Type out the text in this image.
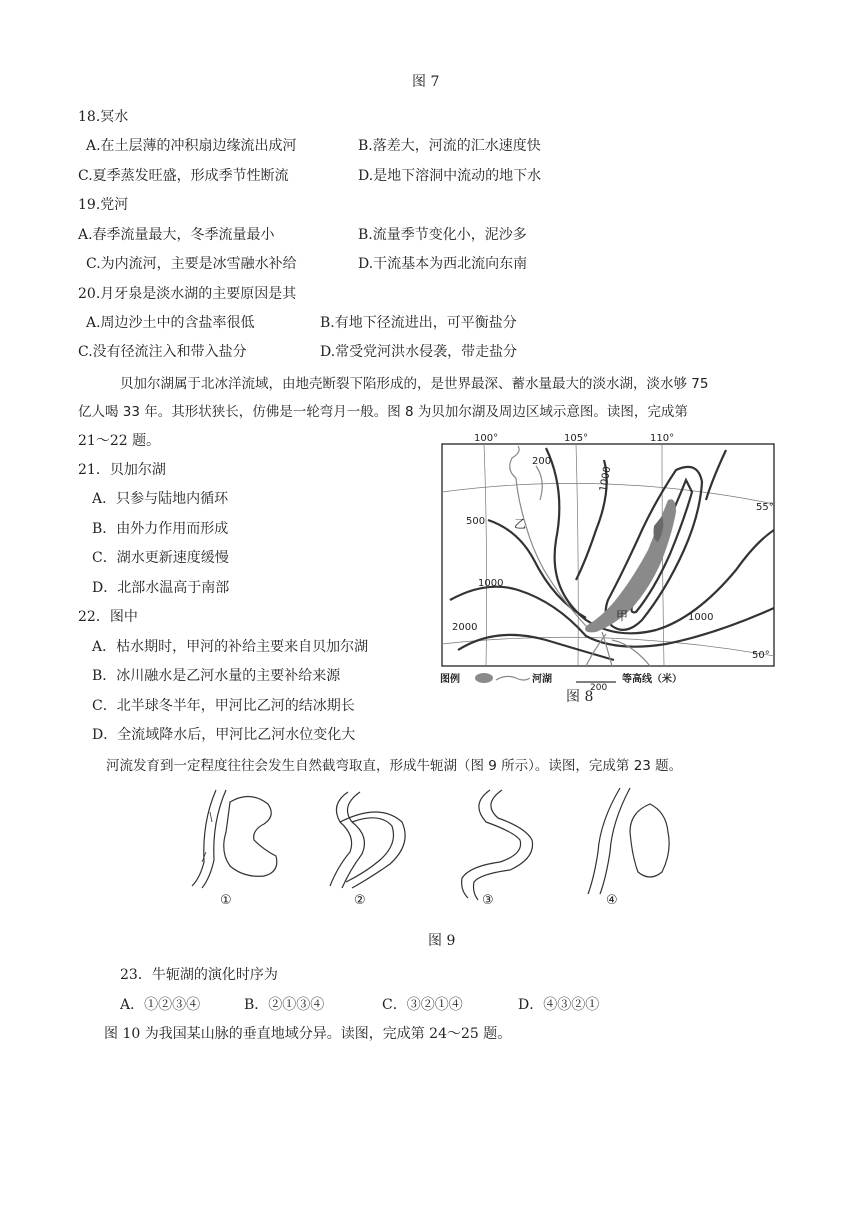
图 7
18.冥水
A.在土层薄的冲积扇边缘流出成河	B.落差大，河流的汇水速度快
C.夏季蒸发旺盛，形成季节性断流	D.是地下溶洞中流动的地下水
19.党河
A.春季流量最大，冬季流量最小	B.流量季节变化小，泥沙多
C.为内流河，主要是冰雪融水补给	D.干流基本为西北流向东南
20.月牙泉是淡水湖的主要原因是其
A.周边沙土中的含盐率很低	B.有地下径流进出，可平衡盐分
C.没有径流注入和带入盐分	D.常受党河洪水侵袭，带走盐分
贝加尔湖属于北冰洋流域，由地壳断裂下陷形成的，是世界最深、蓄水量最大的淡水湖，淡水够 75
亿人喝 33 年。其形状狭长，仿佛是一轮弯月一般。图 8 为贝加尔湖及周边区域示意图。读图，完成第
21～22 题。
21．贝加尔湖
A．只参与陆地内循环
B．由外力作用而形成
C．湖水更新速度缓慢
D．北部水温高于南部
22．图中
A．枯水期时，甲河的补给主要来自贝加尔湖
B．冰川融水是乙河水量的主要补给来源
C．北半球冬半年，甲河比乙河的结冰期长
D．全流域降水后，甲河比乙河水位变化大
100°	105°	110°
55°
50°
200
1000
500
1000
2000
1000
乙
甲
图例	河湖
200
等高线（米）
图 8
河流发育到一定程度往往会发生自然截弯取直，形成牛轭湖（图 9 所示）。读图，完成第 23 题。
①	②	③	④
图 9
23．牛轭湖的演化时序为
A．①②③④	B．②①③④	C．③②①④	D．④③②①
图 10 为我国某山脉的垂直地域分异。读图，完成第 24～25 题。
